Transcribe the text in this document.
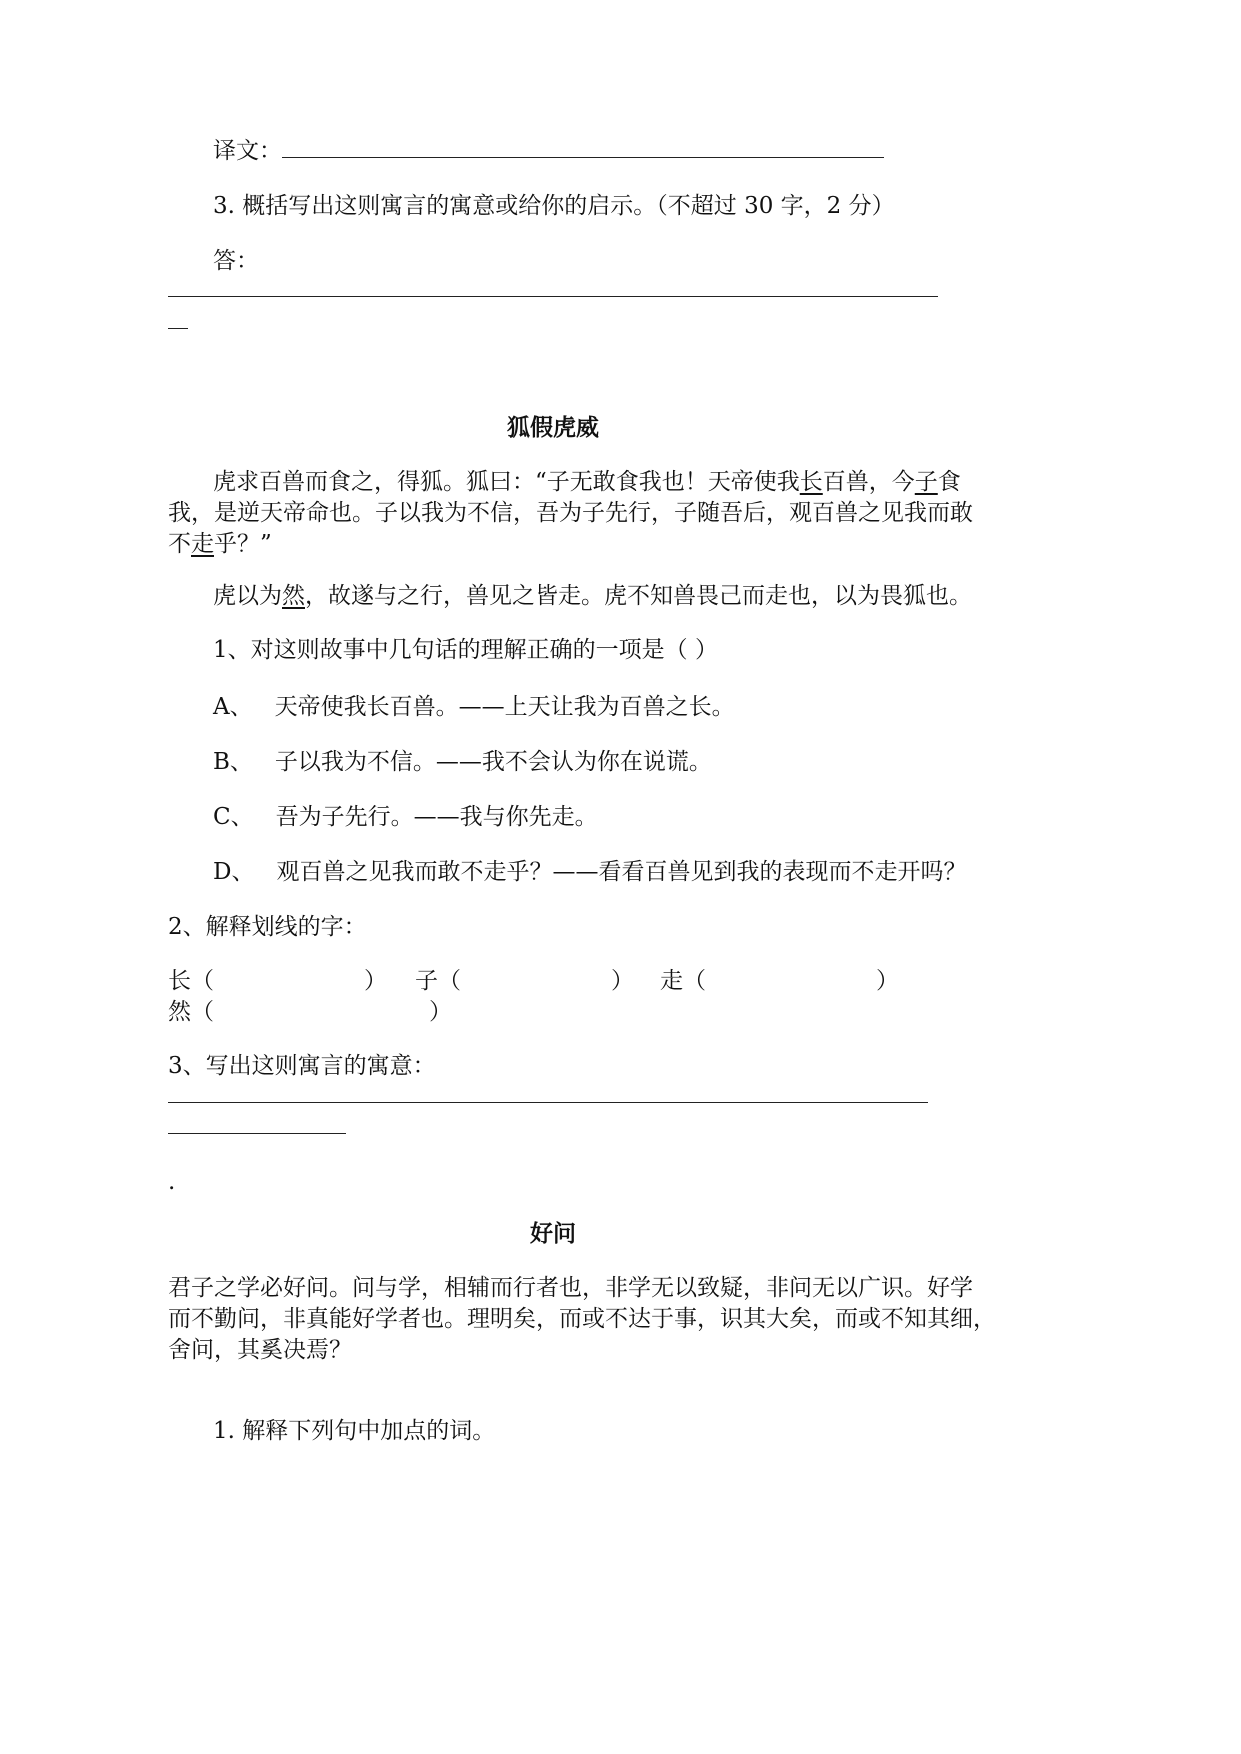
译文：
3. 概括写出这则寓言的寓意或给你的启示。（不超过 30 字，2 分）
答：
狐假虎威
虎求百兽而食之，得狐。狐曰：“子无敢食我也！天帝使我长百兽，今子食
我，是逆天帝命也。子以我为不信，吾为子先行，子随吾后，观百兽之见我而敢
不走乎？”
虎以为然，故遂与之行，兽见之皆走。虎不知兽畏己而走也，以为畏狐也。
1、对这则故事中几句话的理解正确的一项是（ ）
A、 天帝使我长百兽。——上天让我为百兽之长。
B、 子以我为不信。——我不会认为你在说谎。
C、 吾为子先行。——我与你先走。
D、 观百兽之见我而敢不走乎？——看看百兽见到我的表现而不走开吗？
2、解释划线的字：
长（	） 子（	） 走（	）
然（	）
3、写出这则寓言的寓意：
.
好问
君子之学必好问。问与学，相辅而行者也，非学无以致疑，非问无以广识。好学
而不勤问，非真能好学者也。理明矣，而或不达于事，识其大矣，而或不知其细，
舍问，其奚决焉？
1. 解释下列句中加点的词。
